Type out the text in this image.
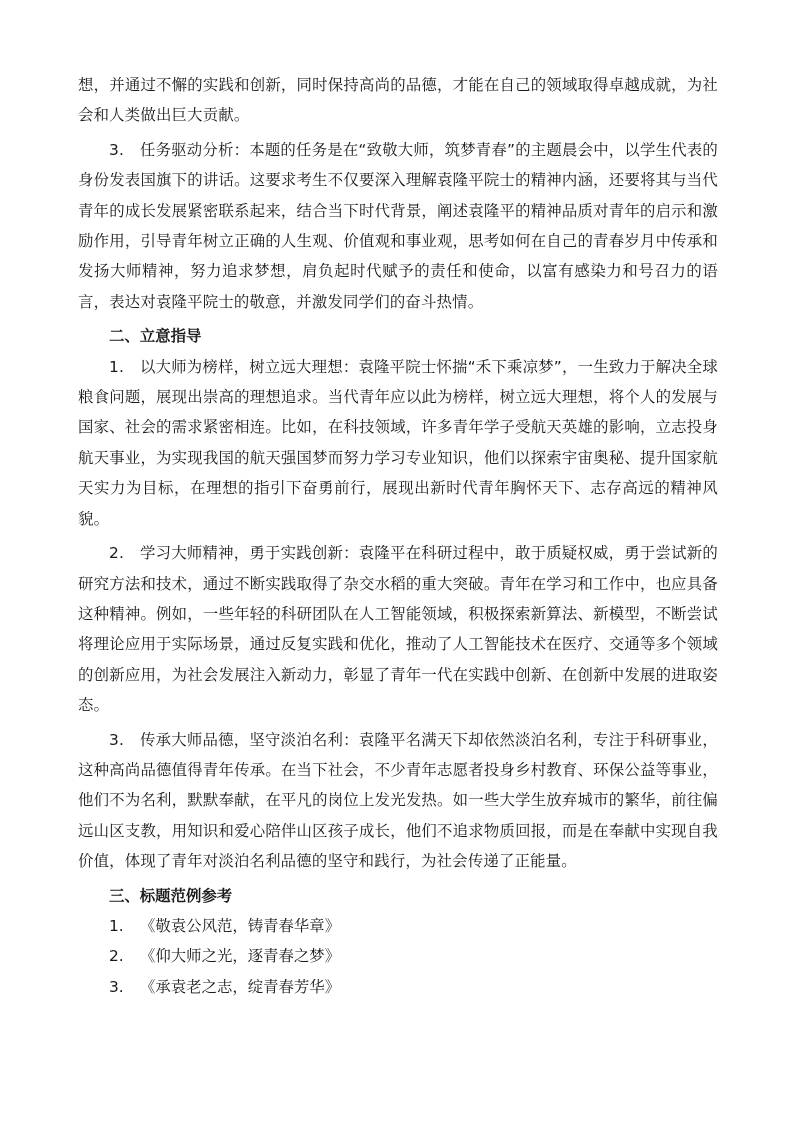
想，并通过不懈的实践和创新，同时保持高尚的品德，才能在自己的领域取得卓越成就，为社会和人类做出巨大贡献。

3. 任务驱动分析：本题的任务是在“致敬大师，筑梦青春”的主题晨会中，以学生代表的身份发表国旗下的讲话。这要求考生不仅要深入理解袁隆平院士的精神内涵，还要将其与当代青年的成长发展紧密联系起来，结合当下时代背景，阐述袁隆平的精神品质对青年的启示和激励作用，引导青年树立正确的人生观、价值观和事业观，思考如何在自己的青春岁月中传承和发扬大师精神，努力追求梦想，肩负起时代赋予的责任和使命，以富有感染力和号召力的语言，表达对袁隆平院士的敬意，并激发同学们的奋斗热情。

二、立意指导

1. 以大师为榜样，树立远大理想：袁隆平院士怀揣“禾下乘凉梦”，一生致力于解决全球粮食问题，展现出崇高的理想追求。当代青年应以此为榜样，树立远大理想，将个人的发展与国家、社会的需求紧密相连。比如，在科技领域，许多青年学子受航天英雄的影响，立志投身航天事业，为实现我国的航天强国梦而努力学习专业知识，他们以探索宇宙奥秘、提升国家航天实力为目标，在理想的指引下奋勇前行，展现出新时代青年胸怀天下、志存高远的精神风貌。

2. 学习大师精神，勇于实践创新：袁隆平在科研过程中，敢于质疑权威，勇于尝试新的研究方法和技术，通过不断实践取得了杂交水稻的重大突破。青年在学习和工作中，也应具备这种精神。例如，一些年轻的科研团队在人工智能领域，积极探索新算法、新模型，不断尝试将理论应用于实际场景，通过反复实践和优化，推动了人工智能技术在医疗、交通等多个领域的创新应用，为社会发展注入新动力，彰显了青年一代在实践中创新、在创新中发展的进取姿态。

3. 传承大师品德，坚守淡泊名利：袁隆平名满天下却依然淡泊名利，专注于科研事业，这种高尚品德值得青年传承。在当下社会，不少青年志愿者投身乡村教育、环保公益等事业，他们不为名利，默默奉献，在平凡的岗位上发光发热。如一些大学生放弃城市的繁华，前往偏远山区支教，用知识和爱心陪伴山区孩子成长，他们不追求物质回报，而是在奉献中实现自我价值，体现了青年对淡泊名利品德的坚守和践行，为社会传递了正能量。

三、标题范例参考

1. 《敬袁公风范，铸青春华章》

2. 《仰大师之光，逐青春之梦》

3. 《承袁老之志，绽青春芳华》
